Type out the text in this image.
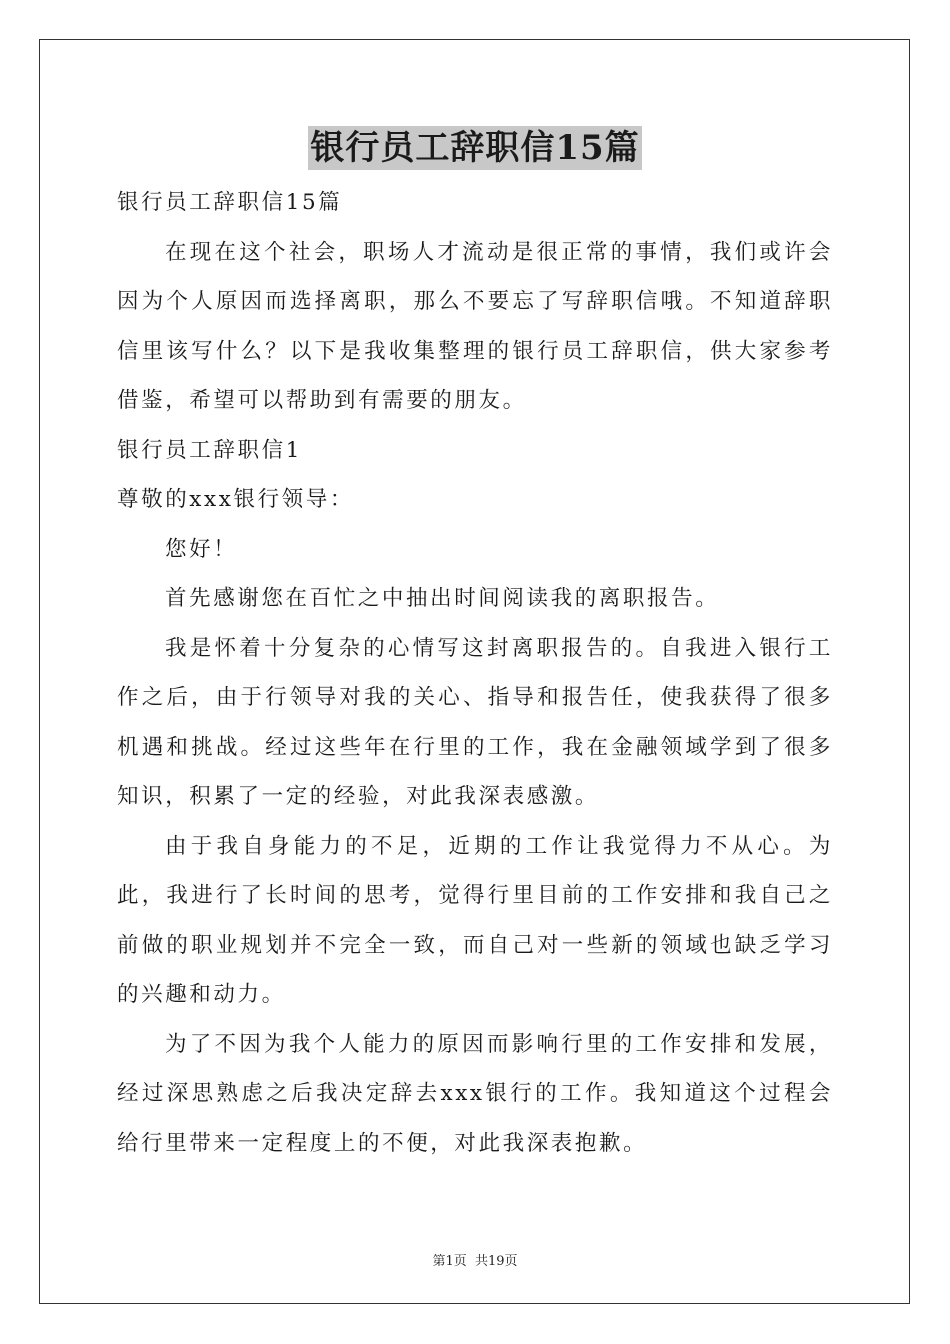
银行员工辞职信15篇

银行员工辞职信15篇

在现在这个社会，职场人才流动是很正常的事情，我们或许会因为个人原因而选择离职，那么不要忘了写辞职信哦。不知道辞职信里该写什么？以下是我收集整理的银行员工辞职信，供大家参考借鉴，希望可以帮助到有需要的朋友。

银行员工辞职信1

尊敬的xxx银行领导：

您好！

首先感谢您在百忙之中抽出时间阅读我的离职报告。

我是怀着十分复杂的心情写这封离职报告的。自我进入银行工作之后，由于行领导对我的关心、指导和报告任，使我获得了很多机遇和挑战。经过这些年在行里的工作，我在金融领域学到了很多知识，积累了一定的经验，对此我深表感激。

由于我自身能力的不足，近期的工作让我觉得力不从心。为此，我进行了长时间的思考，觉得行里目前的工作安排和我自己之前做的职业规划并不完全一致，而自己对一些新的领域也缺乏学习的兴趣和动力。

为了不因为我个人能力的原因而影响行里的工作安排和发展，经过深思熟虑之后我决定辞去xxx银行的工作。我知道这个过程会给行里带来一定程度上的不便，对此我深表抱歉。

第1页 共19页
